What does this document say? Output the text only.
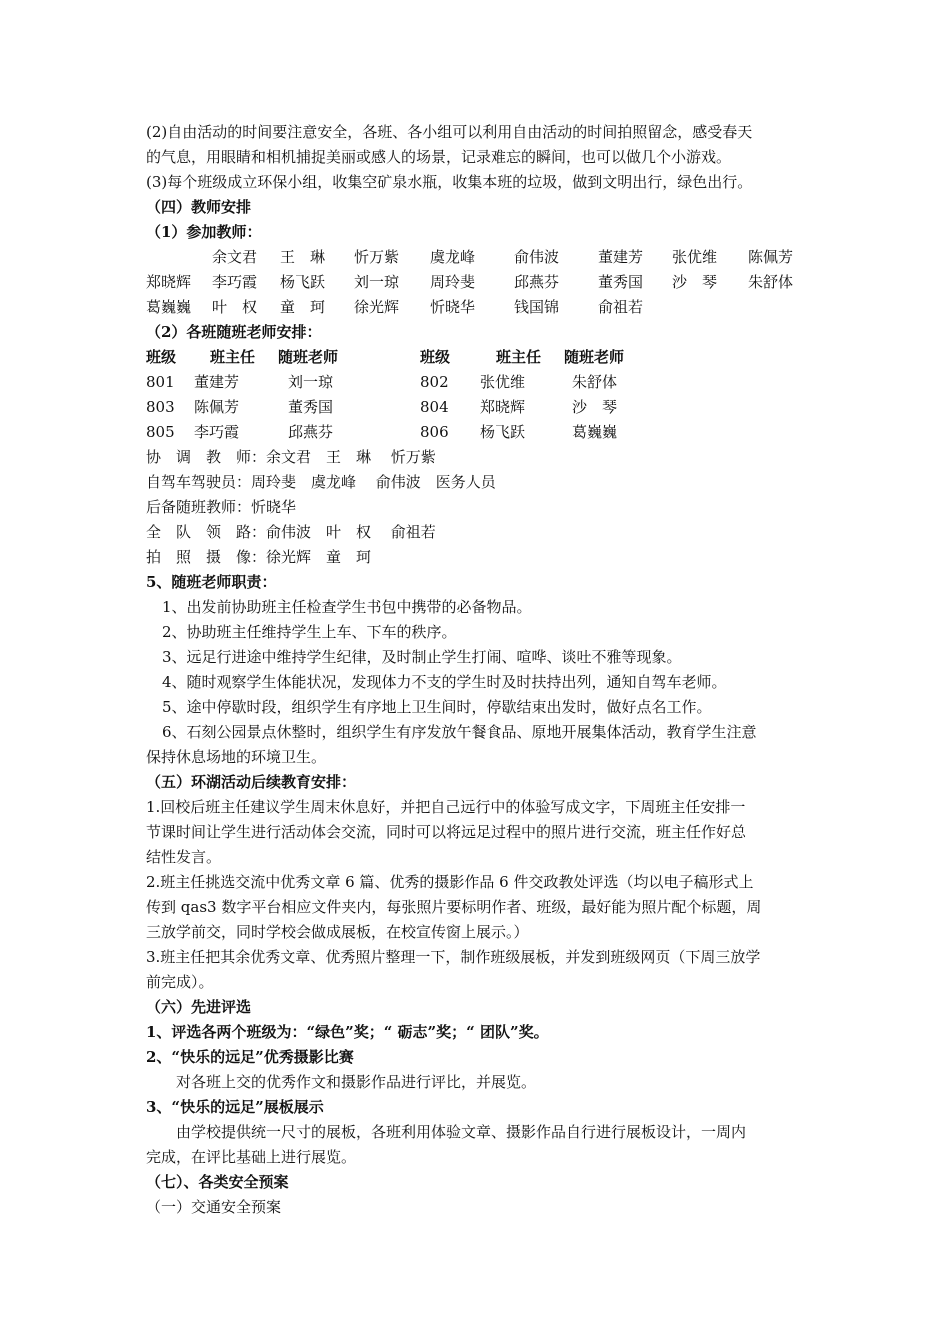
(2)自由活动的时间要注意安全，各班、各小组可以利用自由活动的时间拍照留念，感受春天
的气息，用眼睛和相机捕捉美丽或感人的场景，记录难忘的瞬间，也可以做几个小游戏。
(3)每个班级成立环保小组，收集空矿泉水瓶，收集本班的垃圾，做到文明出行，绿色出行。
（四）教师安排
（1）参加教师：
余文君 王　琳 忻万紫 虞龙峰	俞伟波	董建芳 张优维 陈佩芳
郑晓辉 李巧霞 杨飞跃 刘一琼 周玲斐	邱燕芬	董秀国 沙　琴 朱舒体
葛巍巍 叶　权 童　珂 徐光辉 忻晓华	钱国锦	俞祖若
（2）各班随班老师安排：
班级 班主任 随班老师	班级	班主任 随班老师
801 董建芳	刘一琼	802 张优维	朱舒体
803 陈佩芳	董秀国	804 郑晓辉	沙　琴
805 李巧霞	邱燕芬	806 杨飞跃	葛巍巍
协　调　教　师：余文君　王　琳　 忻万紫
自驾车驾驶员：周玲斐　虞龙峰　 俞伟波　医务人员
后备随班教师：忻晓华
全　队　领　路：俞伟波　叶　权　 俞祖若
拍　照　摄　像：徐光辉　童　珂
5、随班老师职责：
1、出发前协助班主任检查学生书包中携带的必备物品。
2、协助班主任维持学生上车、下车的秩序。
3、远足行进途中维持学生纪律，及时制止学生打闹、喧哗、谈吐不雅等现象。
4、随时观察学生体能状况，发现体力不支的学生时及时扶持出列，通知自驾车老师。
5、途中停歇时段，组织学生有序地上卫生间时，停歇结束出发时，做好点名工作。
6、石刻公园景点休整时，组织学生有序发放午餐食品、原地开展集体活动，教育学生注意
保持休息场地的环境卫生。
（五）环湖活动后续教育安排：
1.回校后班主任建议学生周末休息好，并把自己远行中的体验写成文字，下周班主任安排一
节课时间让学生进行活动体会交流，同时可以将远足过程中的照片进行交流，班主任作好总
结性发言。
2.班主任挑选交流中优秀文章 6 篇、优秀的摄影作品 6 件交政教处评选（均以电子稿形式上
传到 qas3 数字平台相应文件夹内，每张照片要标明作者、班级，最好能为照片配个标题，周
三放学前交，同时学校会做成展板，在校宣传窗上展示。）
3.班主任把其余优秀文章、优秀照片整理一下，制作班级展板，并发到班级网页（下周三放学
前完成）。
（六）先进评选
1、评选各两个班级为：“绿色”奖；“ 砺志”奖；“ 团队”奖。
2、“快乐的远足”优秀摄影比赛
对各班上交的优秀作文和摄影作品进行评比，并展览。
3、“快乐的远足”展板展示
由学校提供统一尺寸的展板，各班利用体验文章、摄影作品自行进行展板设计，一周内
完成，在评比基础上进行展览。
（七）、各类安全预案
（一）交通安全预案
